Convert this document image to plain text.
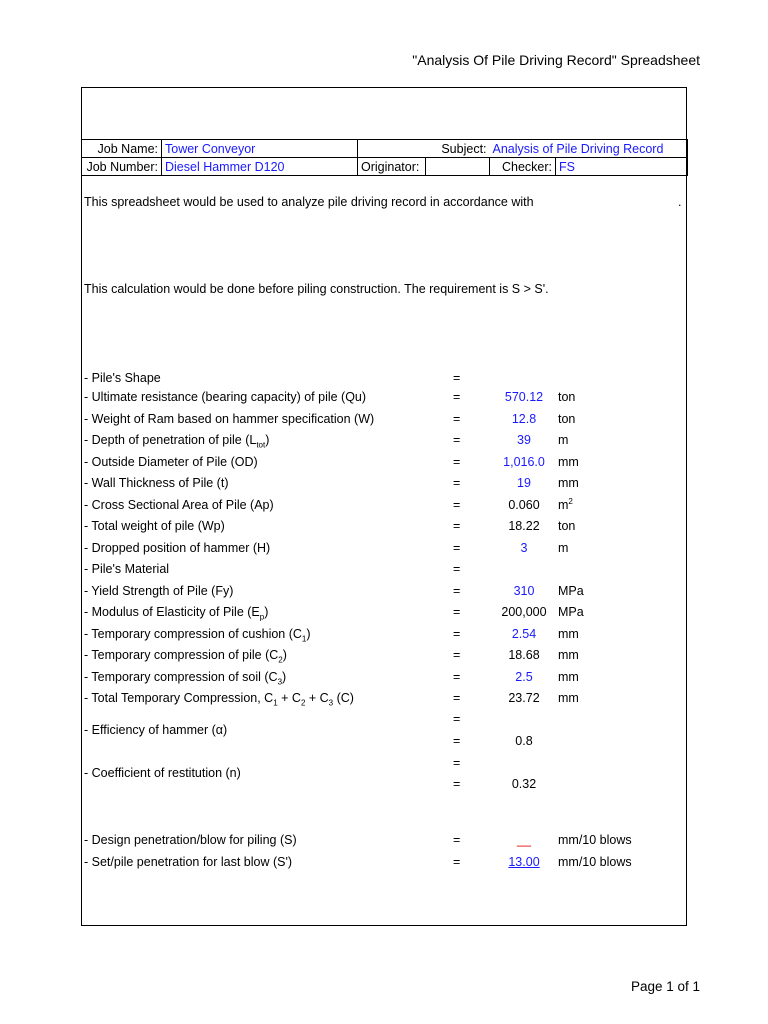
"Analysis Of Pile Driving Record" Spreadsheet
Job Name:	Tower Conveyor	Subject:		Analysis of Pile Driving Record	
Job Number:	Diesel Hammer D120	Originator:		Checker:	FS
This spreadsheet would be used to analyze pile driving record in accordance with	.
This calculation would be done before piling construction. The requirement is S > S'.
- Pile's Shape	=
- Ultimate resistance (bearing capacity) of pile (Qu)	=	570.12	ton
- Weight of Ram based on hammer specification (W)	=	12.8	ton
- Depth of penetration of pile $(L_{tot})$	=	39	m
- Outside Diameter of Pile (OD)	=	1,016.0	mm
- Wall Thickness of Pile (t)	=	19	mm
- Cross Sectional Area of Pile (Ap)	=	0.060	$m^2$
- Total weight of pile (Wp)	=	18.22	ton
- Dropped position of hammer (H)	=	3	m
- Pile's Material	=
- Yield Strength of Pile (Fy)	=	310	MPa
- Modulus of Elasticity of Pile $(E_p)$	=	200,000 MPa
- Temporary compression of cushion $(C_1)$	=	2.54	mm
- Temporary compression of pile $(C_2)$	=	18.68	mm
- Temporary compression of soil $(C_3)$	=	2.5	mm
- Total Temporary Compression, $C_1 + C_2 + C_3$ (C)	=	23.72	mm
- Efficiency of hammer (α)
=
=	0.8
- Coefficient of restitution (n)
=
=	0.32
- Design penetration/blow for piling (S)	=	__	mm/10 blows
- Set/pile penetration for last blow (S')	=	13.00	mm/10 blows
Page 1 of 1
